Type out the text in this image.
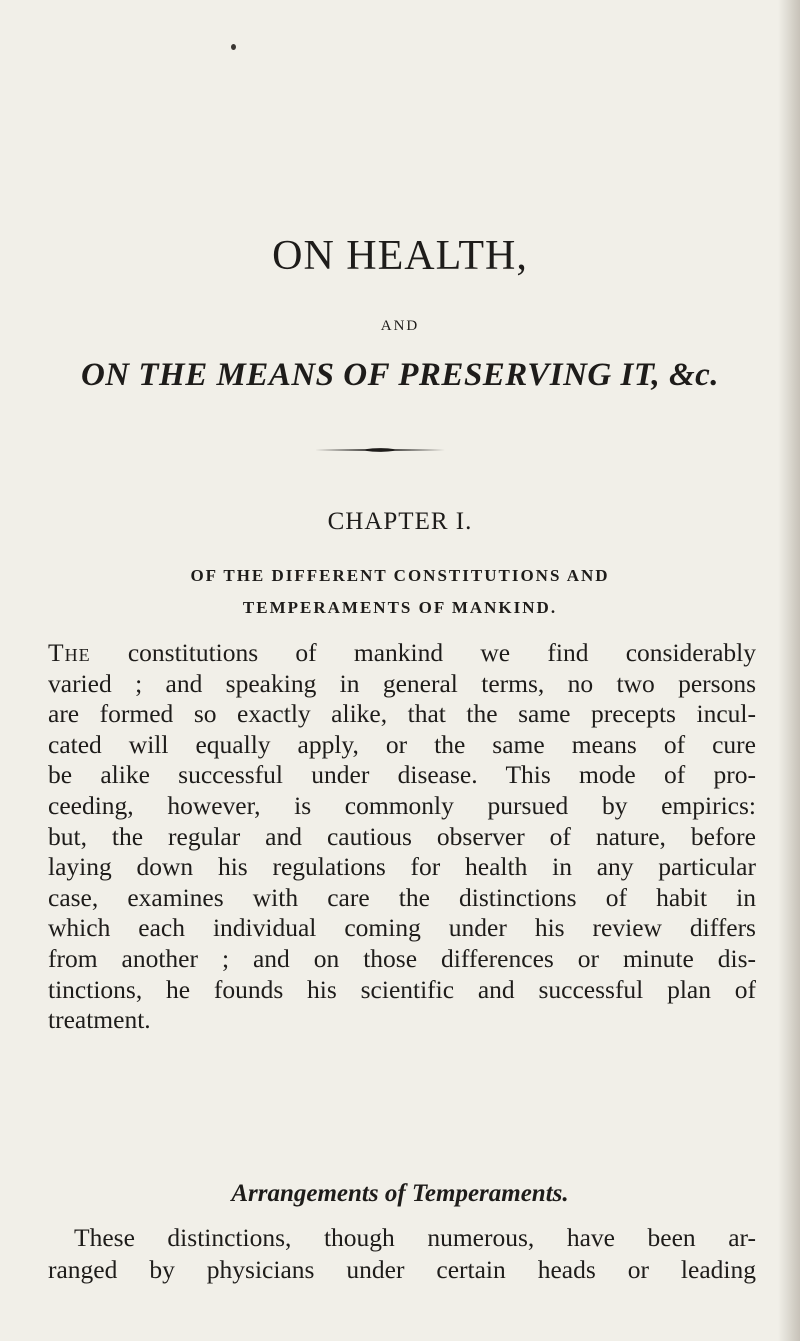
ON HEALTH,
AND
ON THE MEANS OF PRESERVING IT, &c.
CHAPTER I.
OF THE DIFFERENT CONSTITUTIONS AND
TEMPERAMENTS OF MANKIND.
The constitutions of mankind we find considerably
varied ; and speaking in general terms, no two persons
are formed so exactly alike, that the same precepts incul-
cated will equally apply, or the same means of cure
be alike successful under disease. This mode of pro-
ceeding, however, is commonly pursued by empirics:
but, the regular and cautious observer of nature, before
laying down his regulations for health in any particular
case, examines with care the distinctions of habit in
which each individual coming under his review differs
from another ; and on those differences or minute dis-
tinctions, he founds his scientific and successful plan of
treatment.
Arrangements of Temperaments.
These distinctions, though numerous, have been ar-
ranged by physicians under certain heads or leading
